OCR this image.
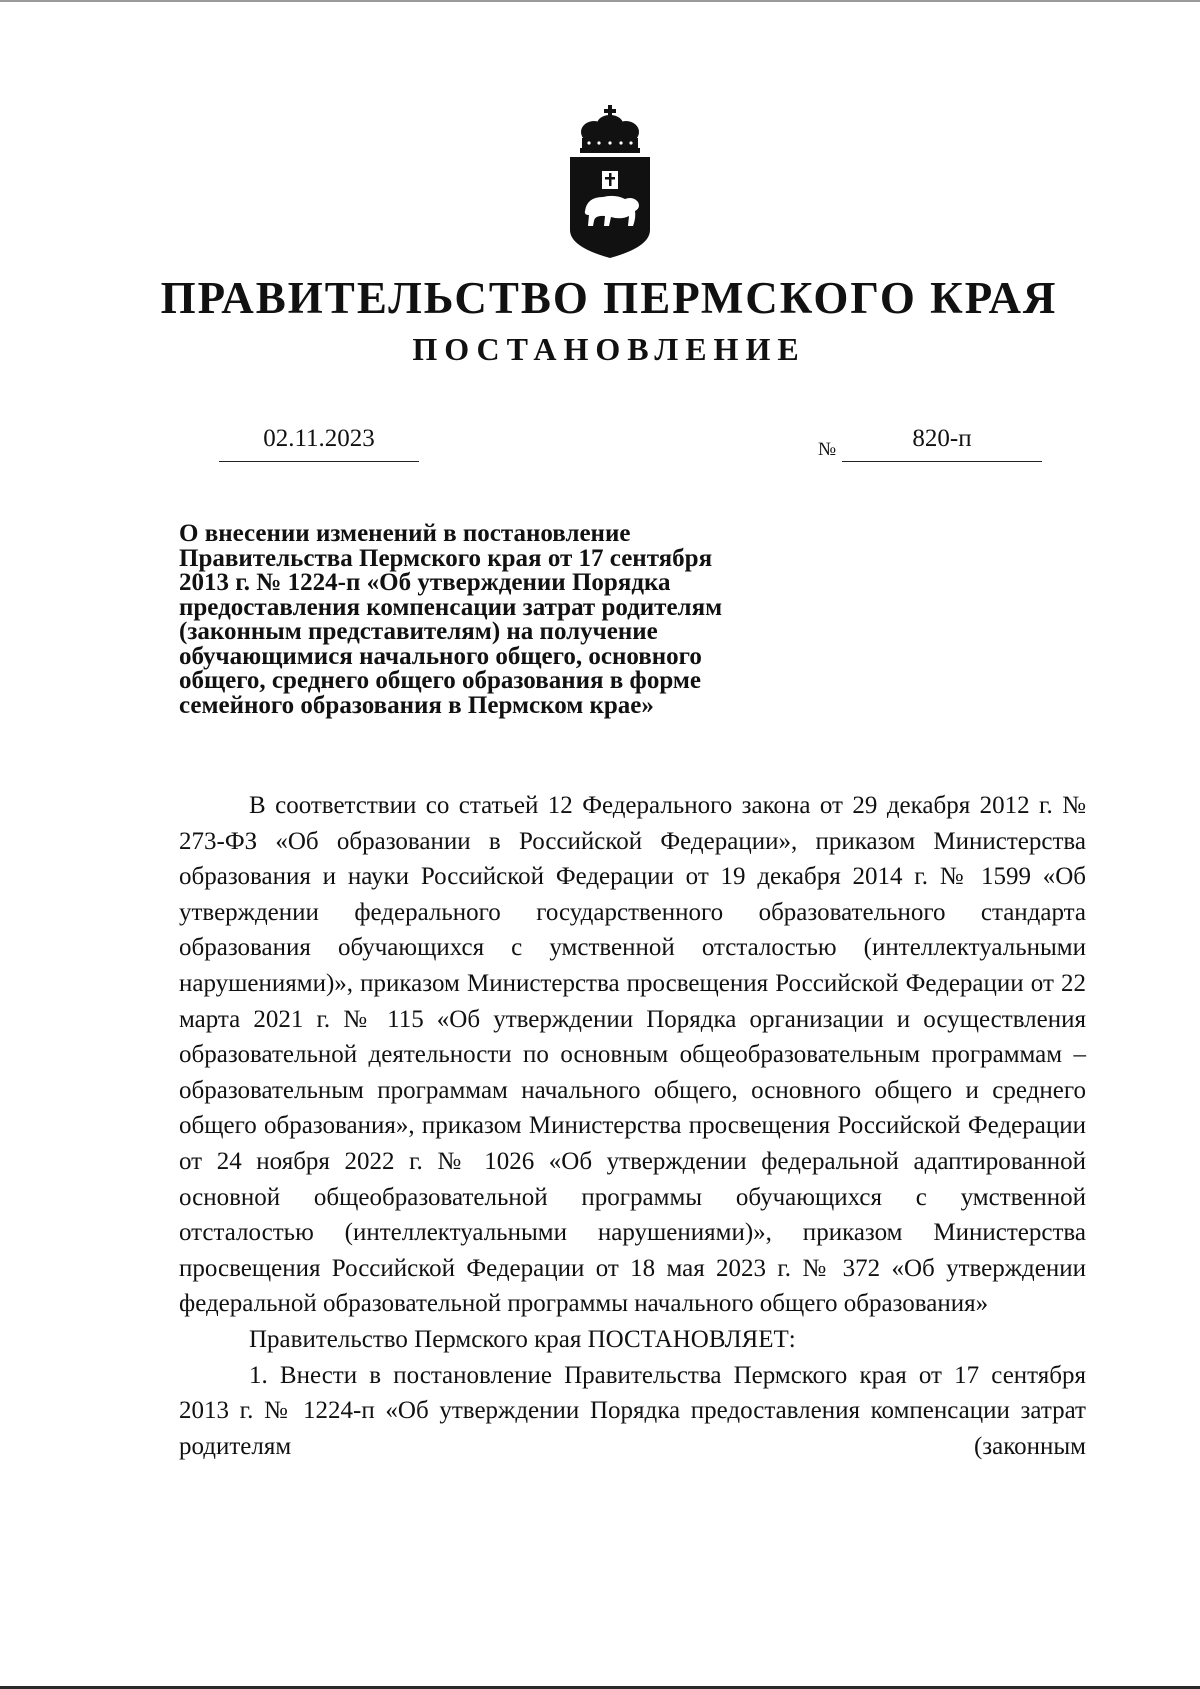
ПРАВИТЕЛЬСТВО ПЕРМСКОГО КРАЯ
ПОСТАНОВЛЕНИЕ
02.11.2023	№	820-п
О внесении изменений в постановление
Правительства Пермского края от 17 сентября
2013 г. № 1224-п «Об утверждении Порядка
предоставления компенсации затрат родителям
(законным представителям) на получение
обучающимися начального общего, основного
общего, среднего общего образования в форме
семейного образования в Пермском крае»

В соответствии со статьей 12 Федерального закона от 29 декабря 2012 г. № 273-ФЗ «Об образовании в Российской Федерации», приказом Министерства образования и науки Российской Федерации от 19 декабря 2014 г. № 1599 «Об утверждении федерального государственного образовательного стандарта образования обучающихся с умственной отсталостью (интеллектуальными нарушениями)», приказом Министерства просвещения Российской Федерации от 22 марта 2021 г. № 115 «Об утверждении Порядка организации и осуществления образовательной деятельности по основным общеобразовательным программам – образовательным программам начального общего, основного общего и среднего общего образования», приказом Министерства просвещения Российской Федерации от 24 ноября 2022 г. № 1026 «Об утверждении федеральной адаптированной основной общеобразовательной программы обучающихся с умственной отсталостью (интеллектуальными нарушениями)», приказом Министерства просвещения Российской Федерации от 18 мая 2023 г. № 372 «Об утверждении федеральной образовательной программы начального общего образования»

Правительство Пермского края ПОСТАНОВЛЯЕТ:

1. Внести в постановление Правительства Пермского края от 17 сентября 2013 г. № 1224-п «Об утверждении Порядка предоставления компенсации затрат родителям (законным
